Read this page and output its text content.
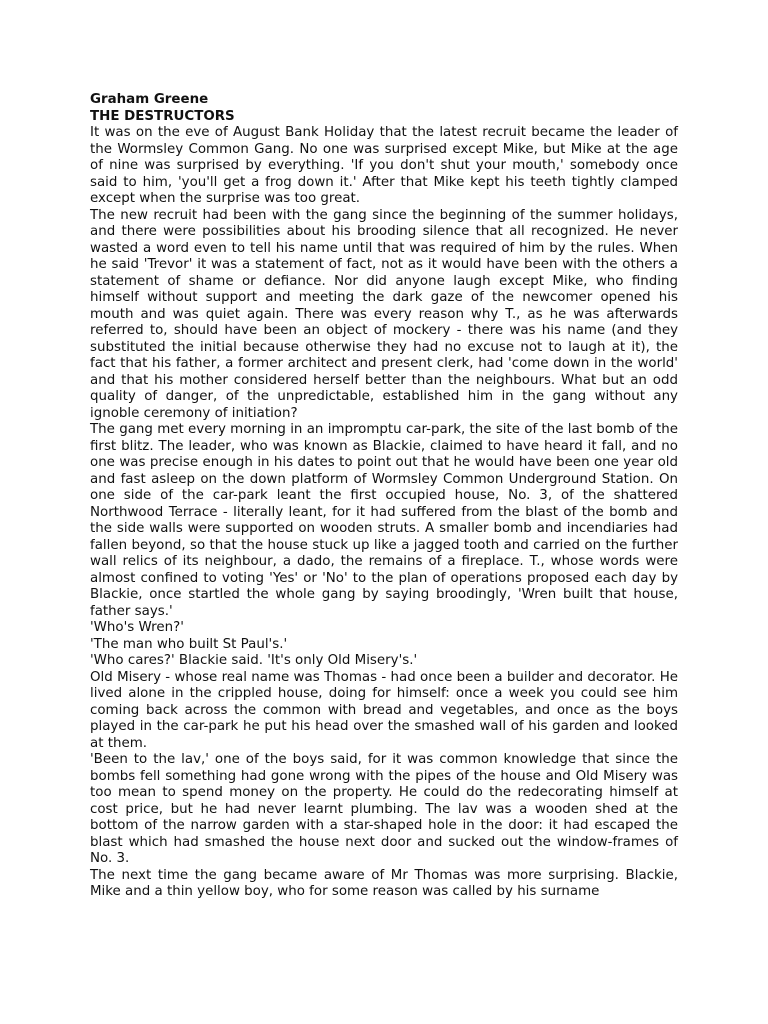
Graham Greene

THE DESTRUCTORS

It was on the eve of August Bank Holiday that the latest recruit became the leader of the Wormsley Common Gang. No one was surprised except Mike, but Mike at the age of nine was surprised by everything. 'If you don't shut your mouth,' somebody once said to him, 'you'll get a frog down it.' After that Mike kept his teeth tightly clamped except when the surprise was too great.

The new recruit had been with the gang since the beginning of the summer holidays, and there were possibilities about his brooding silence that all recognized. He never wasted a word even to tell his name until that was required of him by the rules. When he said 'Trevor' it was a statement of fact, not as it would have been with the others a statement of shame or defiance. Nor did anyone laugh except Mike, who finding himself without support and meeting the dark gaze of the newcomer opened his mouth and was quiet again. There was every reason why T., as he was afterwards referred to, should have been an object of mockery - there was his name (and they substituted the initial because otherwise they had no excuse not to laugh at it), the fact that his father, a former architect and present clerk, had 'come down in the world' and that his mother considered herself better than the neighbours. What but an odd quality of danger, of the unpredictable, established him in the gang without any ignoble ceremony of initiation?

The gang met every morning in an impromptu car-park, the site of the last bomb of the first blitz. The leader, who was known as Blackie, claimed to have heard it fall, and no one was precise enough in his dates to point out that he would have been one year old and fast asleep on the down platform of Wormsley Common Underground Station. On one side of the car-park leant the first occupied house, No. 3, of the shattered Northwood Terrace - literally leant, for it had suffered from the blast of the bomb and the side walls were supported on wooden struts. A smaller bomb and incendiaries had fallen beyond, so that the house stuck up like a jagged tooth and carried on the further wall relics of its neighbour, a dado, the remains of a fireplace. T., whose words were almost confined to voting 'Yes' or 'No' to the plan of operations proposed each day by Blackie, once startled the whole gang by saying broodingly, 'Wren built that house, father says.'

'Who's Wren?'

'The man who built St Paul's.'

'Who cares?' Blackie said. 'It's only Old Misery's.'

Old Misery - whose real name was Thomas - had once been a builder and decorator. He lived alone in the crippled house, doing for himself: once a week you could see him coming back across the common with bread and vegetables, and once as the boys played in the car-park he put his head over the smashed wall of his garden and looked at them.

'Been to the lav,' one of the boys said, for it was common knowledge that since the bombs fell something had gone wrong with the pipes of the house and Old Misery was too mean to spend money on the property. He could do the redecorating himself at cost price, but he had never learnt plumbing. The lav was a wooden shed at the bottom of the narrow garden with a star-shaped hole in the door: it had escaped the blast which had smashed the house next door and sucked out the window-frames of No. 3.

The next time the gang became aware of Mr Thomas was more surprising. Blackie, Mike and a thin yellow boy, who for some reason was called by his surname
